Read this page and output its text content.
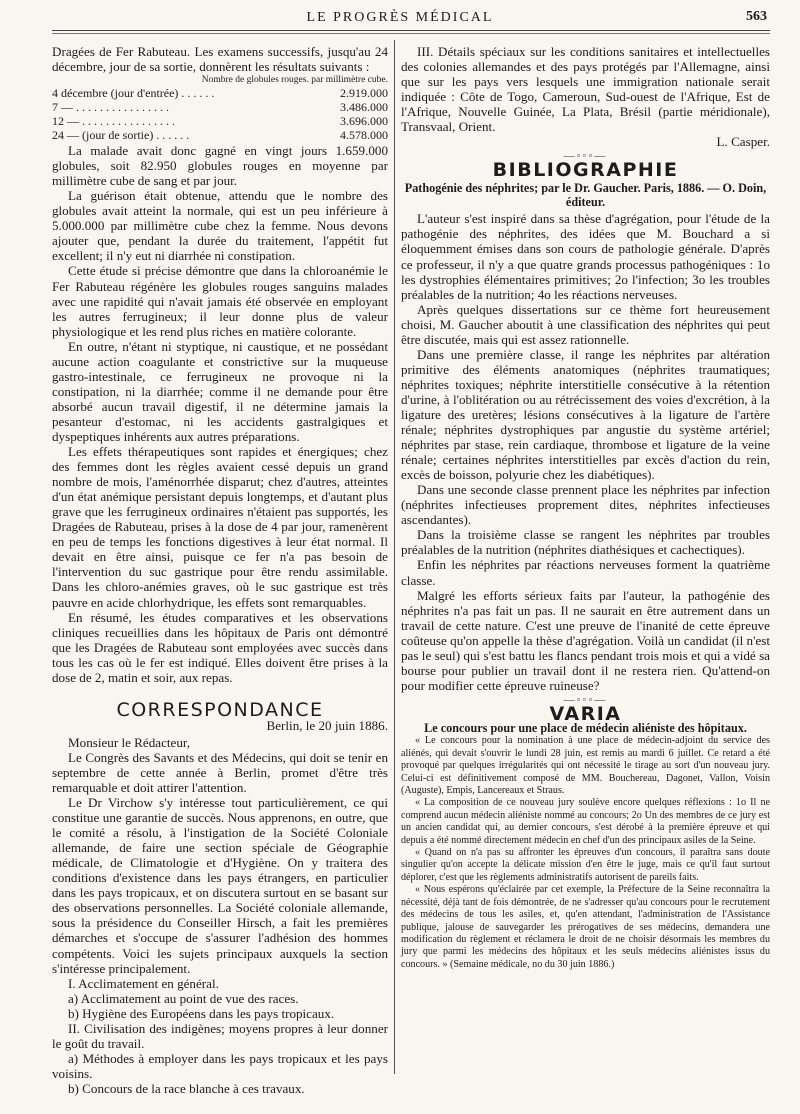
LE PROGRÈS MÉDICAL	563

Dragées de Fer Rabuteau. Les examens successifs, jusqu'au 24 décembre, jour de sa sortie, donnèrent les résultats suivants :

Nombre de globules rouges. par millimètre cube.

4 décembre (jour d'entrée) . . . . . .	2.919.000
7 — . . . . . . . . . . . . . . . .	3.486.000
12 — . . . . . . . . . . . . . . . .	3.696.000
24 — (jour de sortie) . . . . . .	4.578.000

La malade avait donc gagné en vingt jours 1.659.000 globules, soit 82.950 globules rouges en moyenne par millimètre cube de sang et par jour.

La guérison était obtenue, attendu que le nombre des globules avait atteint la normale, qui est un peu inférieure à 5.000.000 par millimètre cube chez la femme. Nous devons ajouter que, pendant la durée du traitement, l'appétit fut excellent; il n'y eut ni diarrhée ni constipation.

Cette étude si précise démontre que dans la chloroanémie le Fer Rabuteau régénère les globules rouges sanguins malades avec une rapidité qui n'avait jamais été observée en employant les autres ferrugineux; il leur donne plus de valeur physiologique et les rend plus riches en matière colorante.

En outre, n'étant ni styptique, ni caustique, et ne possédant aucune action coagulante et constrictive sur la muqueuse gastro-intestinale, ce ferrugineux ne provoque ni la constipation, ni la diarrhée; comme il ne demande pour être absorbé aucun travail digestif, il ne détermine jamais la pesanteur d'estomac, ni les accidents gastralgiques et dyspeptiques inhérents aux autres préparations.

Les effets thérapeutiques sont rapides et énergiques; chez des femmes dont les règles avaient cessé depuis un grand nombre de mois, l'aménorrhée disparut; chez d'autres, atteintes d'un état anémique persistant depuis longtemps, et d'autant plus grave que les ferrugineux ordinaires n'étaient pas supportés, les Dragées de Rabuteau, prises à la dose de 4 par jour, ramenèrent en peu de temps les fonctions digestives à leur état normal. Il devait en être ainsi, puisque ce fer n'a pas besoin de l'intervention du suc gastrique pour être rendu assimilable. Dans les chloro-anémies graves, où le suc gastrique est très pauvre en acide chlorhydrique, les effets sont remarquables.

En résumé, les études comparatives et les observations cliniques recueillies dans les hôpitaux de Paris ont démontré que les Dragées de Rabuteau sont employées avec succès dans tous les cas où le fer est indiqué. Elles doivent être prises à la dose de 2, matin et soir, aux repas.

CORRESPONDANCE

Berlin, le 20 juin 1886.

Monsieur le Rédacteur,

Le Congrès des Savants et des Médecins, qui doit se tenir en septembre de cette année à Berlin, promet d'être très remarquable et doit attirer l'attention.

Le Dr Virchow s'y intéresse tout particulièrement, ce qui constitue une garantie de succès. Nous apprenons, en outre, que le comité a résolu, à l'instigation de la Société Coloniale allemande, de faire une section spéciale de Géographie médicale, de Climatologie et d'Hygiène. On y traitera des conditions d'existence dans les pays étrangers, en particulier dans les pays tropicaux, et on discutera surtout en se basant sur des observations personnelles. La Société coloniale allemande, sous la présidence du Conseiller Hirsch, a fait les premières démarches et s'occupe de s'assurer l'adhésion des hommes compétents. Voici les sujets principaux auxquels la section s'intéresse principalement.

I. Acclimatement en général.

a) Acclimatement au point de vue des races.

b) Hygiène des Européens dans les pays tropicaux.

II. Civilisation des indigènes; moyens propres à leur donner le goût du travail.

a) Méthodes à employer dans les pays tropicaux et les pays voisins.

b) Concours de la race blanche à ces travaux.

III. Détails spéciaux sur les conditions sanitaires et intellectuelles des colonies allemandes et des pays protégés par l'Allemagne, ainsi que sur les pays vers lesquels une immigration nationale serait indiquée : Côte de Togo, Cameroun, Sud-ouest de l'Afrique, Est de l'Afrique, Nouvelle Guinée, La Plata, Brésil (partie méridionale), Transvaal, Orient.

L. Casper.

—◦◦◦—

BIBLIOGRAPHIE

Pathogénie des néphrites; par le Dr. Gaucher. Paris, 1886. — O. Doin, éditeur.

L'auteur s'est inspiré dans sa thèse d'agrégation, pour l'étude de la pathogénie des néphrites, des idées que M. Bouchard a si éloquemment émises dans son cours de pathologie générale. D'après ce professeur, il n'y a que quatre grands processus pathogéniques : 1o les dystrophies élémentaires primitives; 2o l'infection; 3o les troubles préalables de la nutrition; 4o les réactions nerveuses.

Après quelques dissertations sur ce thème fort heureusement choisi, M. Gaucher aboutit à une classification des néphrites qui peut être discutée, mais qui est assez rationnelle.

Dans une première classe, il range les néphrites par altération primitive des éléments anatomiques (néphrites traumatiques; néphrites toxiques; néphrite interstitielle consécutive à la rétention d'urine, à l'oblitération ou au rétrécissement des voies d'excrétion, à la ligature des uretères; lésions consécutives à la ligature de l'artère rénale; néphrites dystrophiques par angustie du système artériel; néphrites par stase, rein cardiaque, thrombose et ligature de la veine rénale; certaines néphrites interstitielles par excès d'action du rein, excès de boisson, polyurie chez les diabétiques).

Dans une seconde classe prennent place les néphrites par infection (néphrites infectieuses proprement dites, néphrites infectieuses ascendantes).

Dans la troisième classe se rangent les néphrites par troubles préalables de la nutrition (néphrites diathésiques et cachectiques).

Enfin les néphrites par réactions nerveuses forment la quatrième classe.

Malgré les efforts sérieux faits par l'auteur, la pathogénie des néphrites n'a pas fait un pas. Il ne saurait en être autrement dans un travail de cette nature. C'est une preuve de l'inanité de cette épreuve coûteuse qu'on appelle la thèse d'agrégation. Voilà un candidat (il n'est pas le seul) qui s'est battu les flancs pendant trois mois et qui a vidé sa bourse pour publier un travail dont il ne restera rien. Qu'attend-on pour modifier cette épreuve ruineuse?

—◦◦◦—

VARIA

Le concours pour une place de médecin aliéniste des hôpitaux.

« Le concours pour la nomination à une place de médecin-adjoint du service des aliénés, qui devait s'ouvrir le lundi 28 juin, est remis au mardi 6 juillet. Ce retard a été provoqué par quelques irrégularités qui ont nécessité le tirage au sort d'un nouveau jury. Celui-ci est définitivement composé de MM. Bouchereau, Dagonet, Vallon, Voisin (Auguste), Empis, Lancereaux et Straus.

« La composition de ce nouveau jury soulève encore quelques réflexions : 1o Il ne comprend aucun médecin aliéniste nommé au concours; 2o Un des membres de ce jury est un ancien candidat qui, au dernier concours, s'est dérobé à la première épreuve et qui depuis a été nommé directement médecin en chef d'un des principaux asiles de la Seine.

« Quand on n'a pas su affronter les épreuves d'un concours, il paraîtra sans doute singulier qu'on accepte la délicate mission d'en être le juge, mais ce qu'il faut surtout déplorer, c'est que les règlements administratifs autorisent de pareils faits.

« Nous espérons qu'éclairée par cet exemple, la Préfecture de la Seine reconnaîtra la nécessité, déjà tant de fois démontrée, de ne s'adresser qu'au concours pour le recrutement des médecins de tous les asiles, et, qu'en attendant, l'administration de l'Assistance publique, jalouse de sauvegarder les prérogatives de ses médecins, demandera une modification du règlement et réclamera le droit de ne choisir désormais les membres du jury que parmi les médecins des hôpitaux et les seuls médecins aliénistes issus du concours. » (Semaine médicale, no du 30 juin 1886.)
